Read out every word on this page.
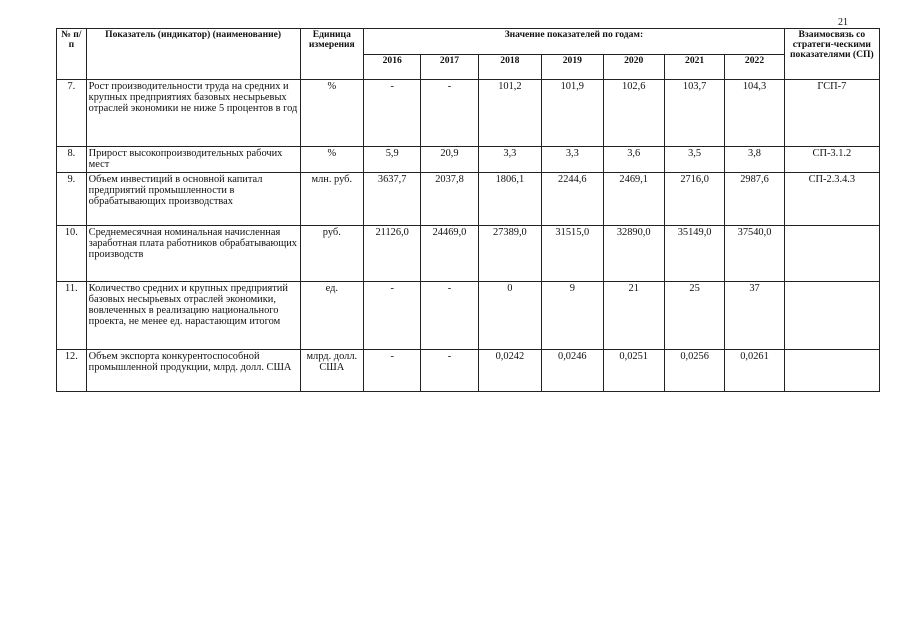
21
№ п/п	Показатель (индикатор) (наименование)	Единица измерения	Значение показателей по годам:							Взаимосвязь со стратеги-ческими показателями (СП)
			2016	2017	2018	2019	2020	2021	2022	
7.	Рост производительности труда на средних и крупных предприятиях базовых несырьевых отраслей экономики не ниже 5 процентов в год	%	-	-	101,2	101,9	102,6	103,7	104,3	ГСП-7
8.	Прирост высокопроизводительных рабочих мест	%	5,9	20,9	3,3	3,3	3,6	3,5	3,8	СП-3.1.2
9.	Объем инвестиций в основной капитал предприятий промышленности в обрабатывающих производствах	млн. руб.	3637,7	2037,8	1806,1	2244,6	2469,1	2716,0	2987,6	СП-2.3.4.3
10.	Среднемесячная номинальная начисленная заработная плата работников обрабатывающих производств	руб.	21126,0	24469,0	27389,0	31515,0	32890,0	35149,0	37540,0	
11.	Количество средних и крупных предприятий базовых несырьевых отраслей экономики, вовлеченных в реализацию национального проекта, не менее ед. нарастающим итогом	ед.	-	-	0	9	21	25	37	
12.	Объем экспорта конкурентоспособной промышленной продукции, млрд. долл. США	млрд. долл. США	-	-	0,0242	0,0246	0,0251	0,0256	0,0261	
